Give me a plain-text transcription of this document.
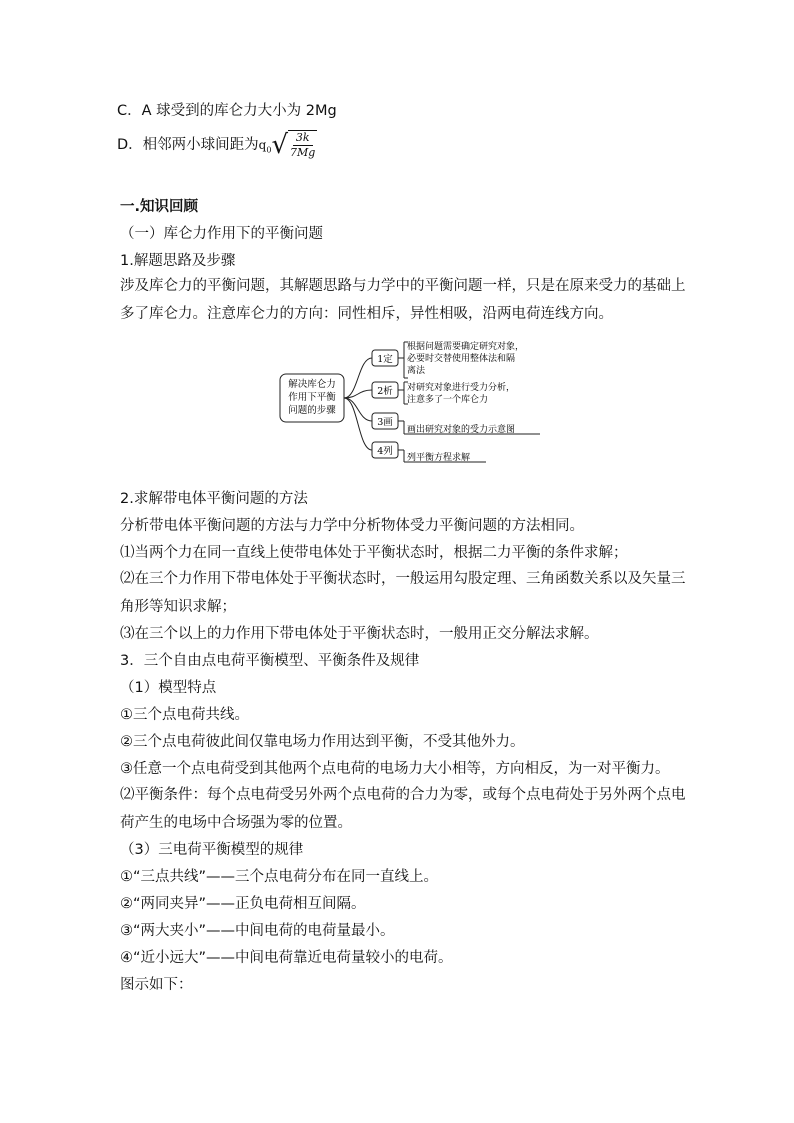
C．A 球受到的库仑力大小为 2Mg
D．相邻两小球间距为$q_0$ √ $\frac{3k}{7Mg}$
一.知识回顾
（一）库仑力作用下的平衡问题
1.解题思路及步骤
涉及库仑力的平衡问题，其解题思路与力学中的平衡问题一样，只是在原来受力的基础上多了库仑力。注意库仑力的方向：同性相斥，异性相吸，沿两电荷连线方向。
解决库仑力
作用下平衡
问题的步骤
1定
2析
3画
4列
根据问题需要确定研究对象，
必要时交替使用整体法和隔
离法
对研究对象进行受力分析，
注意多了一个库仑力
画出研究对象的受力示意图
列平衡方程求解
2.求解带电体平衡问题的方法
分析带电体平衡问题的方法与力学中分析物体受力平衡问题的方法相同。
⑴当两个力在同一直线上使带电体处于平衡状态时，根据二力平衡的条件求解；
⑵在三个力作用下带电体处于平衡状态时，一般运用勾股定理、三角函数关系以及矢量三角形等知识求解；
⑶在三个以上的力作用下带电体处于平衡状态时，一般用正交分解法求解。
3．三个自由点电荷平衡模型、平衡条件及规律
（1）模型特点
①三个点电荷共线。
②三个点电荷彼此间仅靠电场力作用达到平衡，不受其他外力。
③任意一个点电荷受到其他两个点电荷的电场力大小相等，方向相反，为一对平衡力。
⑵平衡条件：每个点电荷受另外两个点电荷的合力为零，或每个点电荷处于另外两个点电荷产生的电场中合场强为零的位置。
（3）三电荷平衡模型的规律
①“三点共线”——三个点电荷分布在同一直线上。
②“两同夹异”——正负电荷相互间隔。
③“两大夹小”——中间电荷的电荷量最小。
④“近小远大”——中间电荷靠近电荷量较小的电荷。
图示如下：
